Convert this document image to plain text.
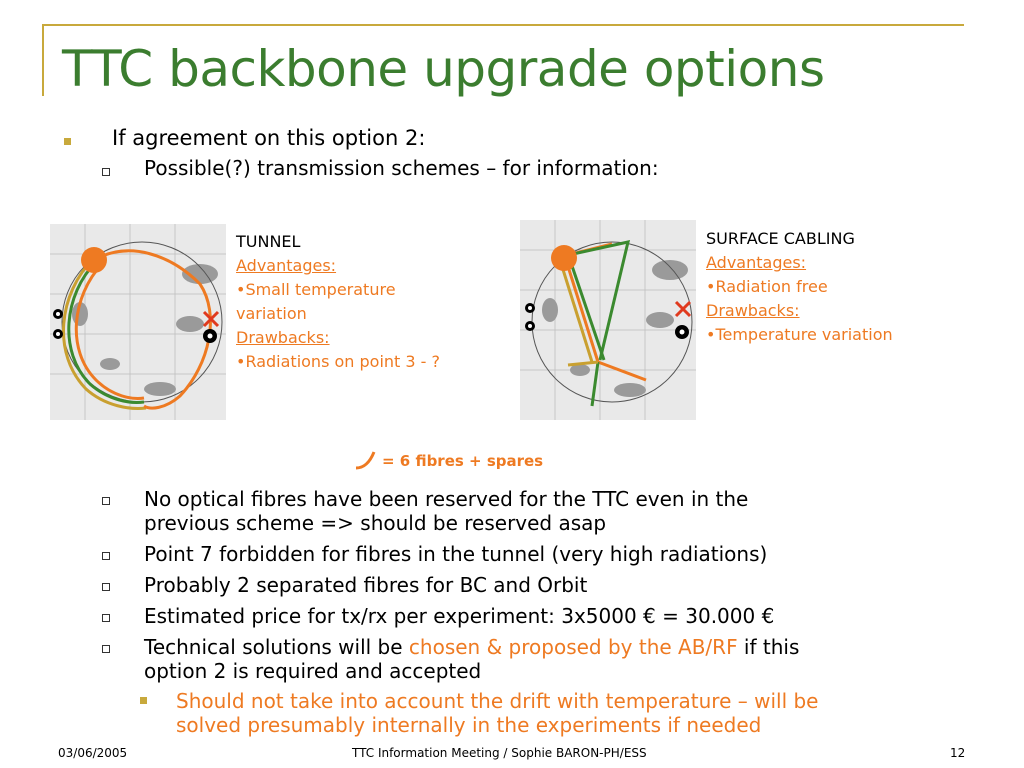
TTC backbone upgrade options
If agreement on this option 2:
Possible(?) transmission schemes – for information:
TUNNEL
Advantages:
•Small temperature
variation
Drawbacks:
•Radiations on point 3 - ?
SURFACE CABLING
Advantages:
•Radiation free
Drawbacks:
•Temperature variation
= 6 fibres + spares
No optical fibres have been reserved for the TTC even in the
previous scheme => should be reserved asap
Point 7 forbidden for fibres in the tunnel (very high radiations)
Probably 2 separated fibres for BC and Orbit
Estimated price for tx/rx per experiment: 3x5000 € = 30.000 €
Technical solutions will be chosen & proposed by the AB/RF if this
option 2 is required and accepted
Should not take into account the drift with temperature – will be
solved presumably internally in the experiments if needed
03/06/2005	TTC Information Meeting / Sophie BARON-PH/ESS	12
